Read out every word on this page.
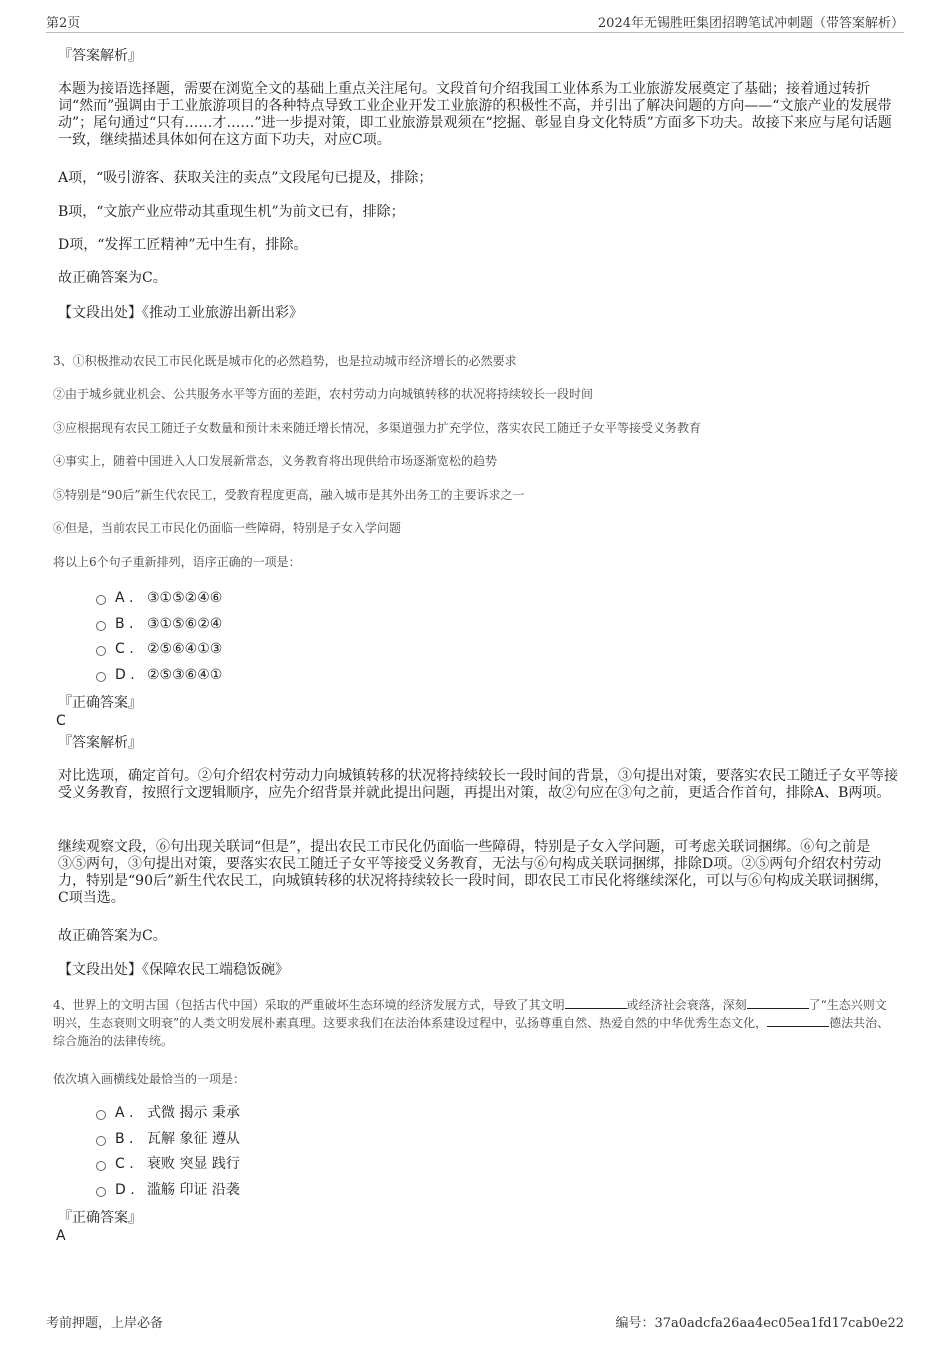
第2页	2024年无锡胜旺集团招聘笔试冲刺题（带答案解析）
『答案解析』

本题为接语选择题，需要在浏览全文的基础上重点关注尾句。文段首句介绍我国工业体系为工业旅游发展奠定了基础；接着通过转折词“然而”强调由于工业旅游项目的各种特点导致工业企业开发工业旅游的积极性不高，并引出了解决问题的方向——“文旅产业的发展带动”；尾句通过“只有……才……”进一步提对策，即工业旅游景观须在“挖掘、彰显自身文化特质”方面多下功夫。故接下来应与尾句话题一致，继续描述具体如何在这方面下功夫，对应C项。

A项，“吸引游客、获取关注的卖点”文段尾句已提及，排除；

B项，“文旅产业应带动其重现生机”为前文已有，排除；

D项，“发挥工匠精神”无中生有，排除。

故正确答案为C。

【文段出处】《推动工业旅游出新出彩》

3、①积极推动农民工市民化既是城市化的必然趋势，也是拉动城市经济增长的必然要求
②由于城乡就业机会、公共服务水平等方面的差距，农村劳动力向城镇转移的状况将持续较长一段时间
③应根据现有农民工随迁子女数量和预计未来随迁增长情况，多渠道强力扩充学位，落实农民工随迁子女平等接受义务教育
④事实上，随着中国进入人口发展新常态，义务教育将出现供给市场逐渐宽松的趋势
⑤特别是“90后”新生代农民工，受教育程度更高，融入城市是其外出务工的主要诉求之一
⑥但是，当前农民工市民化仍面临一些障碍，特别是子女入学问题
将以上6个句子重新排列，语序正确的一项是：
A . ③①⑤②④⑥
B . ③①⑤⑥②④
C . ②⑤⑥④①③
D . ②⑤③⑥④①
『正确答案』
C
『答案解析』

对比选项，确定首句。②句介绍农村劳动力向城镇转移的状况将持续较长一段时间的背景，③句提出对策，要落实农民工随迁子女平等接受义务教育，按照行文逻辑顺序，应先介绍背景并就此提出问题，再提出对策，故②句应在③句之前，更适合作首句，排除A、B两项。

继续观察文段，⑥句出现关联词“但是”，提出农民工市民化仍面临一些障碍，特别是子女入学问题，可考虑关联词捆绑。⑥句之前是③⑤两句，③句提出对策，要落实农民工随迁子女平等接受义务教育，无法与⑥句构成关联词捆绑，排除D项。②⑤两句介绍农村劳动力，特别是“90后”新生代农民工，向城镇转移的状况将持续较长一段时间，即农民工市民化将继续深化，可以与⑥句构成关联词捆绑，C项当选。

故正确答案为C。

【文段出处】《保障农民工端稳饭碗》

4、世界上的文明古国（包括古代中国）采取的严重破坏生态环境的经济发展方式，导致了其文明	或经济社会衰落，深刻	了“生态兴则文明兴，生态衰则文明衰”的人类文明发展朴素真理。这要求我们在法治体系建设过程中，弘扬尊重自然、热爱自然的中华优秀生态文化，	德法共治、综合施治的法律传统。
依次填入画横线处最恰当的一项是：
A . 式微 揭示 秉承
B . 瓦解 象征 遵从
C . 衰败 突显 践行
D . 滥觞 印证 沿袭
『正确答案』
A
考前押题，上岸必备	编号：37a0adcfa26aa4ec05ea1fd17cab0e22
